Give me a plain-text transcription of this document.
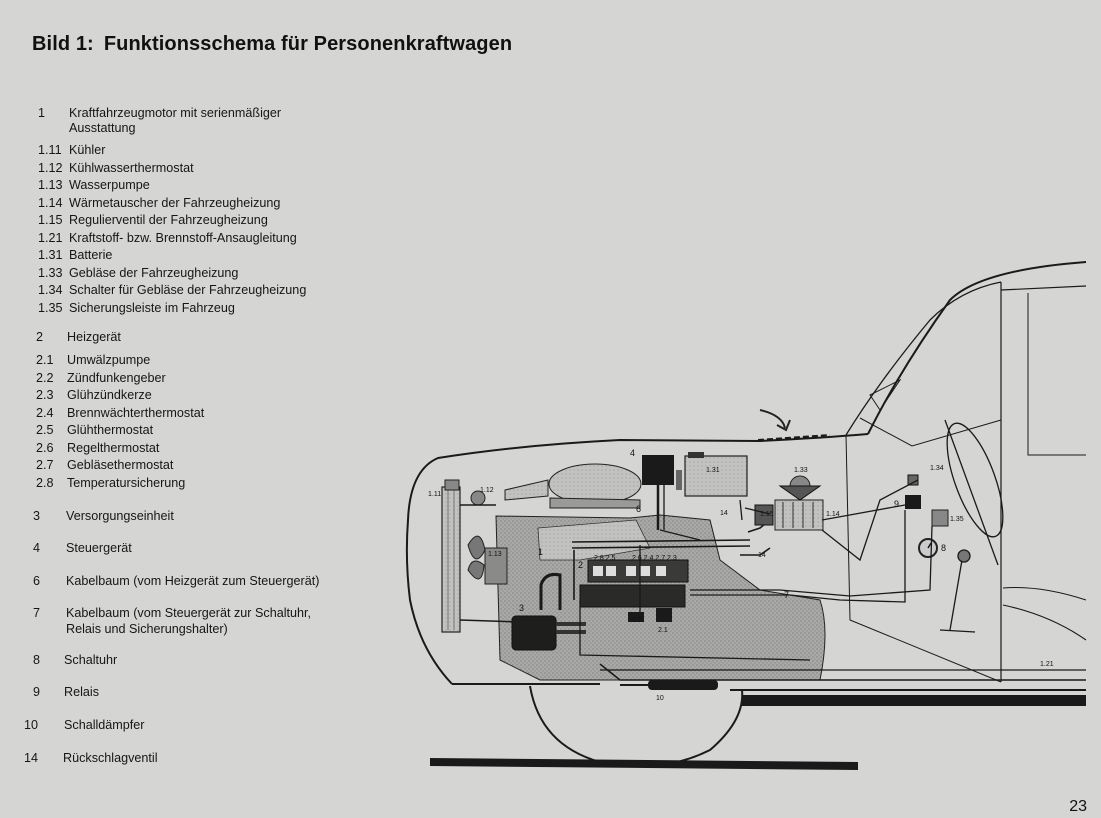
Bild 1: Funktionsschema für Personenkraftwagen
1 Kraftfahrzeugmotor mit serienmäßiger
Ausstattung
1.11 Kühler
1.12 Kühlwasserthermostat
1.13 Wasserpumpe
1.14 Wärmetauscher der Fahrzeugheizung
1.15 Regulierventil der Fahrzeugheizung
1.21 Kraftstoff- bzw. Brennstoff-Ansaugleitung
1.31 Batterie
1.33 Gebläse der Fahrzeugheizung
1.34 Schalter für Gebläse der Fahrzeugheizung
1.35 Sicherungsleiste im Fahrzeug
2 Heizgerät
2.1 Umwälzpumpe
2.2 Zündfunkengeber
2.3 Glühzündkerze
2.4 Brennwächterthermostat
2.5 Glühthermostat
2.6 Regelthermostat
2.7 Gebläsethermostat
2.8 Temperatursicherung
3 Versorgungseinheit
4 Steuergerät
6 Kabelbaum (vom Heizgerät zum Steuergerät)
7 Kabelbaum (vom Steuergerät zur Schaltuhr,
Relais und Sicherungshalter)
8 Schaltuhr
9 Relais
10 Schalldämpfer
14 Rückschlagventil
1.11
1.12
1.13	1
4
1.31	1.33	1.34
1.35
9
8
6	14
14
1.15	1.14
2
3
7
2.2
2.1
10
1.21
2.8 2.5 2.6 2.4 2.7 2.3
23
